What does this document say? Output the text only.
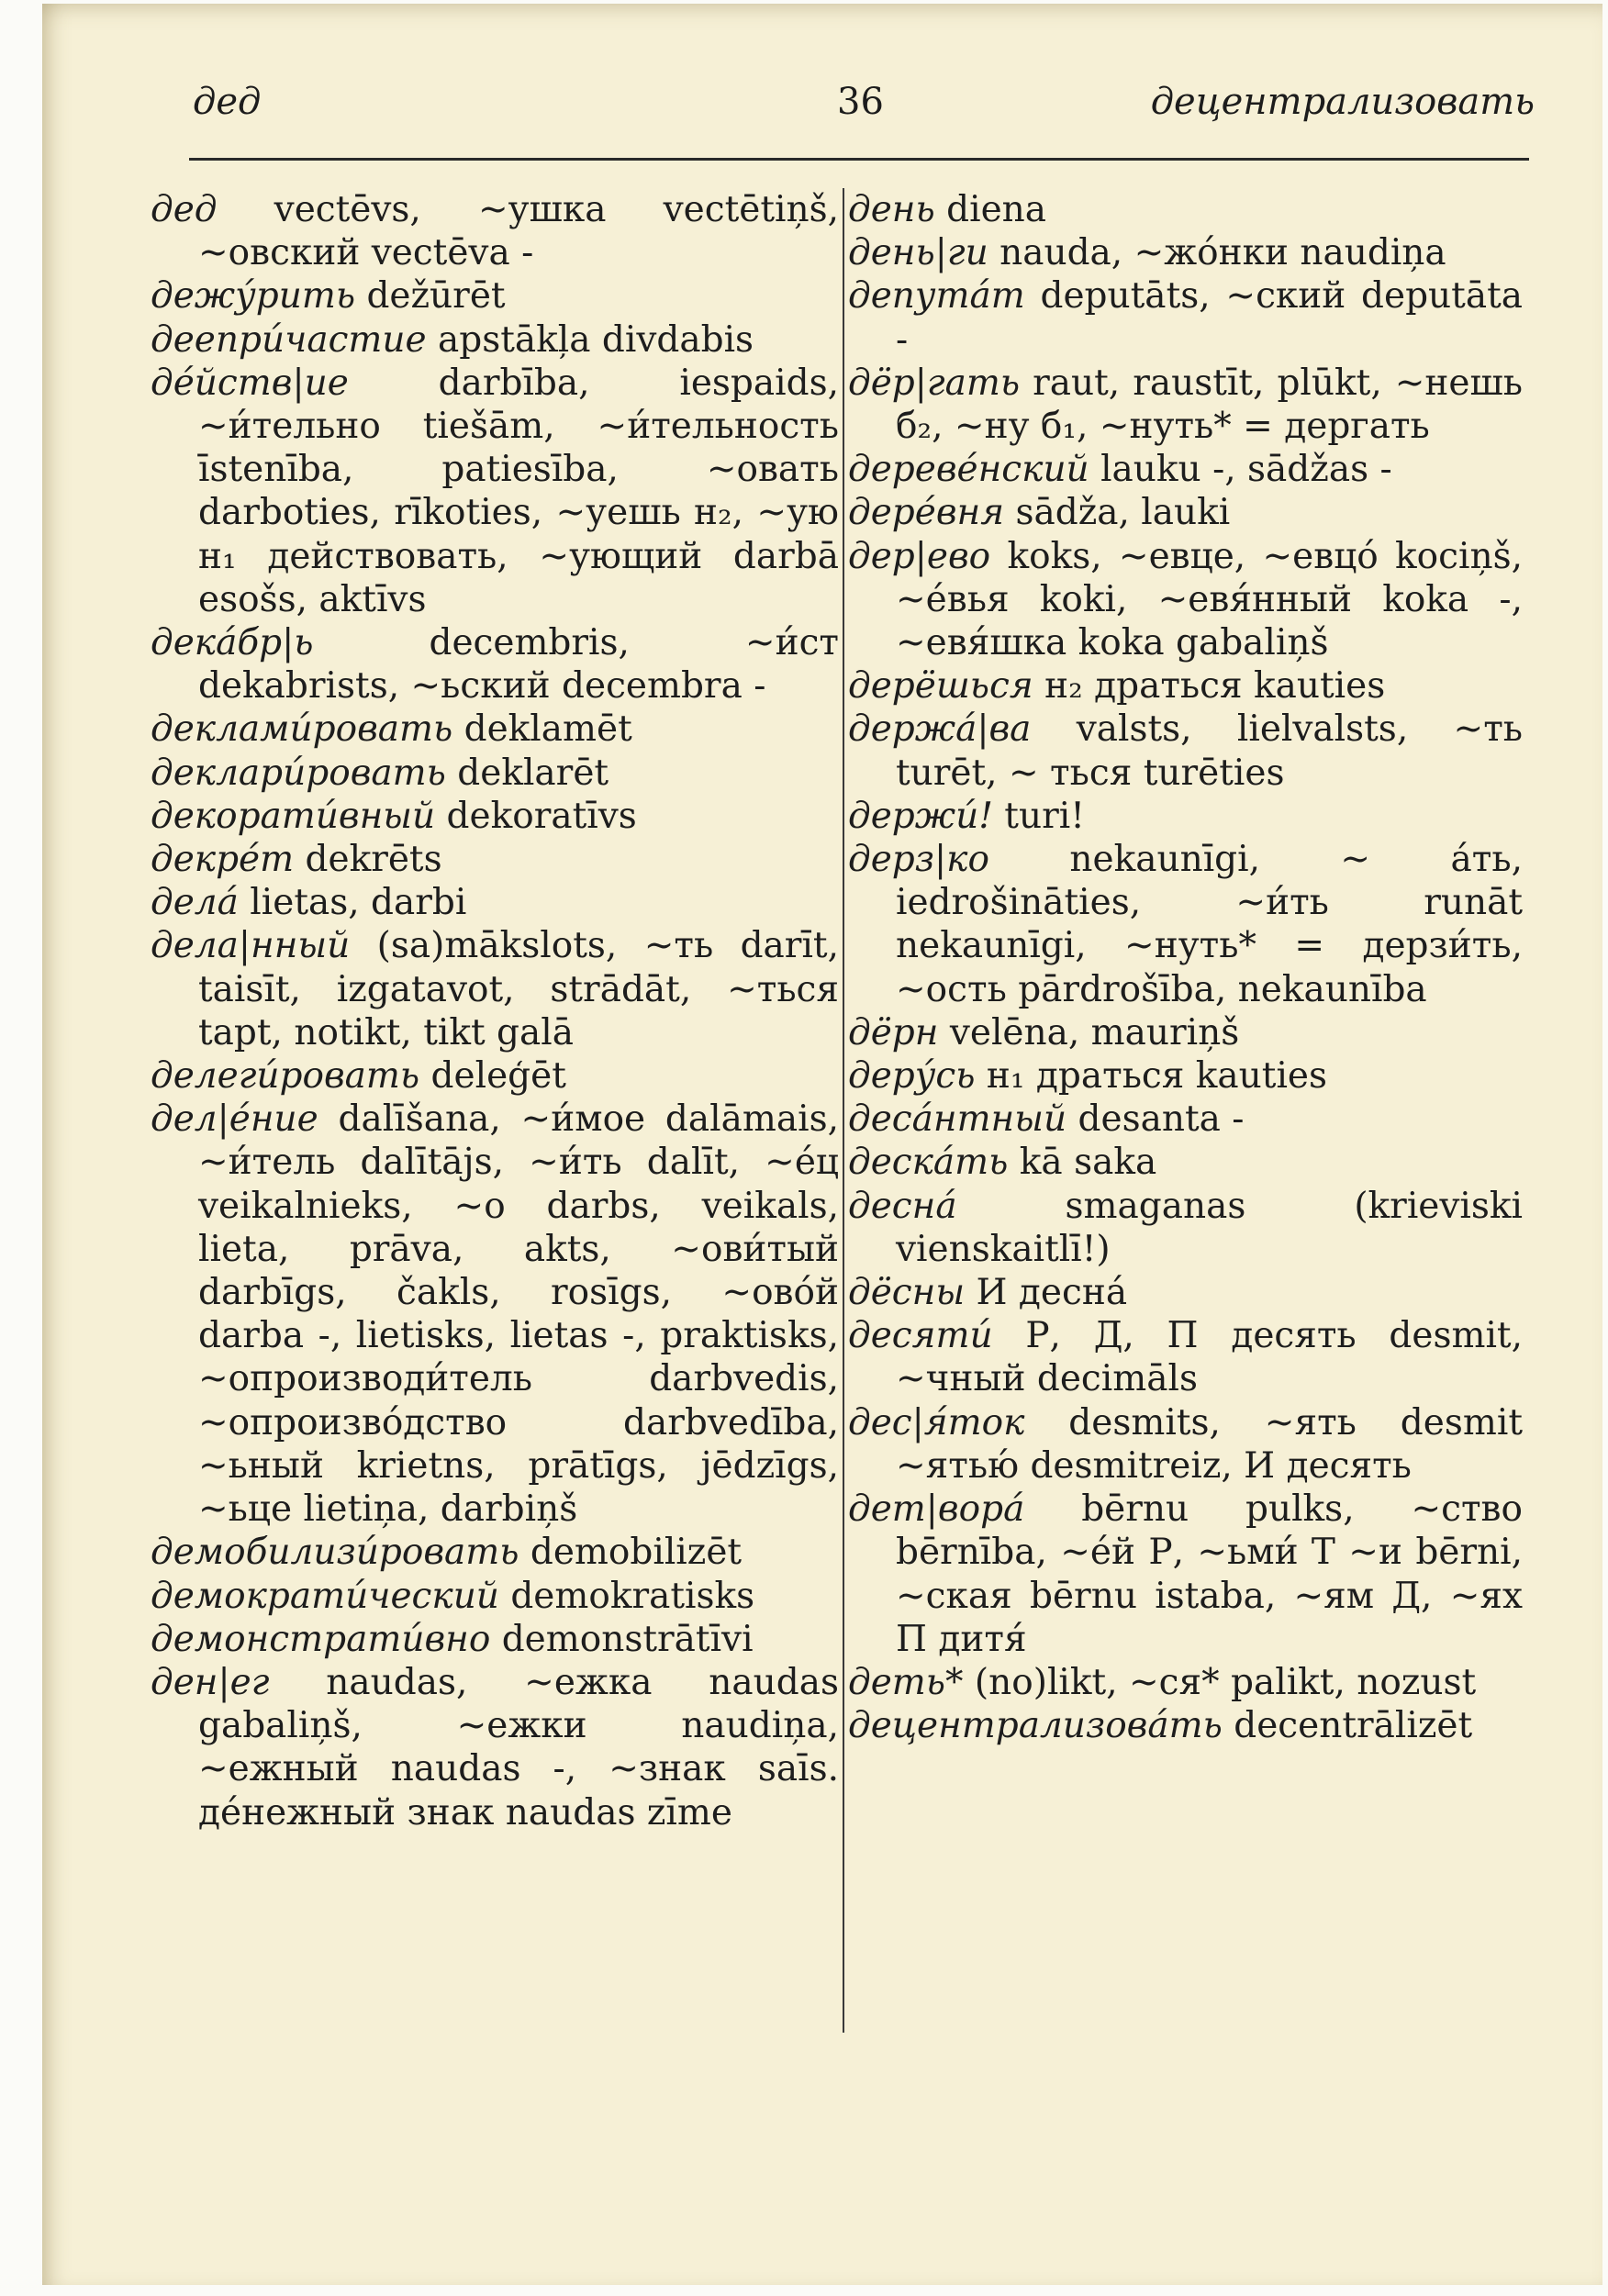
дед	36	децентрализовать

дед vectēvs, ~ушка vectētiņš, ~овский vectēva -

дежу́рить dežūrēt

деепри́частие apstākļa divdabis

де́йств|ие darbība, iespaids, ~и́тельно tiešām, ~и́тельность īstenība, patiesība, ~овать darboties, rīkoties, ~уешь н₂, ~ую н₁ действовать, ~ующий darbā esošs, aktīvs

дека́бр|ь decembris, ~и́ст dekabrists, ~ьский decembra -

деклами́ровать deklamēt

деклари́ровать deklarēt

декорати́вный dekoratīvs

декре́т dekrēts

дела́ lietas, darbi

дела|нный (sa)mākslots, ~ть darīt, taisīt, izgatavot, strādāt, ~ться tapt, notikt, tikt galā

делеги́ровать deleģēt

дел|е́ние dalīšana, ~и́мое dalāmais, ~и́тель dalītājs, ~и́ть dalīt, ~е́ц veikalnieks, ~о darbs, veikals, lieta, prāva, akts, ~ови́тый darbīgs, čakls, rosīgs, ~ово́й darba -, lietisks, lietas -, praktisks, ~опроизводи́тель darbvedis, ~опроизво́дство darbvedība, ~ьный krietns, prātīgs, jēdzīgs, ~ьце lietiņa, darbiņš

демобилизи́ровать demobilizēt

демократи́ческий demokratisks

демонстрати́вно demonstrātīvi

ден|ег naudas, ~ежка naudas gabaliņš, ~ежки naudiņa, ~ежный naudas -, ~знак saīs. де́нежный знак naudas zīme

день diena

день|ги nauda, ~жо́нки naudiņa

депута́т deputāts, ~ский deputāta -

дёр|гать raut, raustīt, plūkt, ~нешь б₂, ~ну б₁, ~нуть* = дергать

дереве́нский lauku -, sādžas -

дере́вня sādža, lauki

дер|ево koks, ~евце, ~евцо́ kociņš, ~е́вья koki, ~евя́нный koka -, ~евя́шка koka gabaliņš

дерёшься н₂ драться kauties

держа́|ва valsts, lielvalsts, ~ть turēt, ~ ться turēties

держи́! turi!

дерз|ко nekaunīgi, ~ а́ть, iedrošināties, ~и́ть runāt nekaunīgi, ~нуть* = дерзи́ть, ~ость pārdrošība, nekaunība

дёрн velēna, mauriņš

деру́сь н₁ драться kauties

деса́нтный desanta -

деска́ть kā saka

десна́ smaganas (krieviski vienskaitlī!)

дёсны И десна́

десяти́ Р, Д, П десять desmit, ~чный decimāls

дес|я́ток desmits, ~ять desmit ~ятью́ desmitreiz, И десять

дет|вора́ bērnu pulks, ~ство bērnība, ~е́й Р, ~ьми́ Т ~и bērni, ~ская bērnu istaba, ~ям Д, ~ях П дитя́

деть* (no)likt, ~ся* palikt, nozust

децентрализова́ть decentrālizēt
